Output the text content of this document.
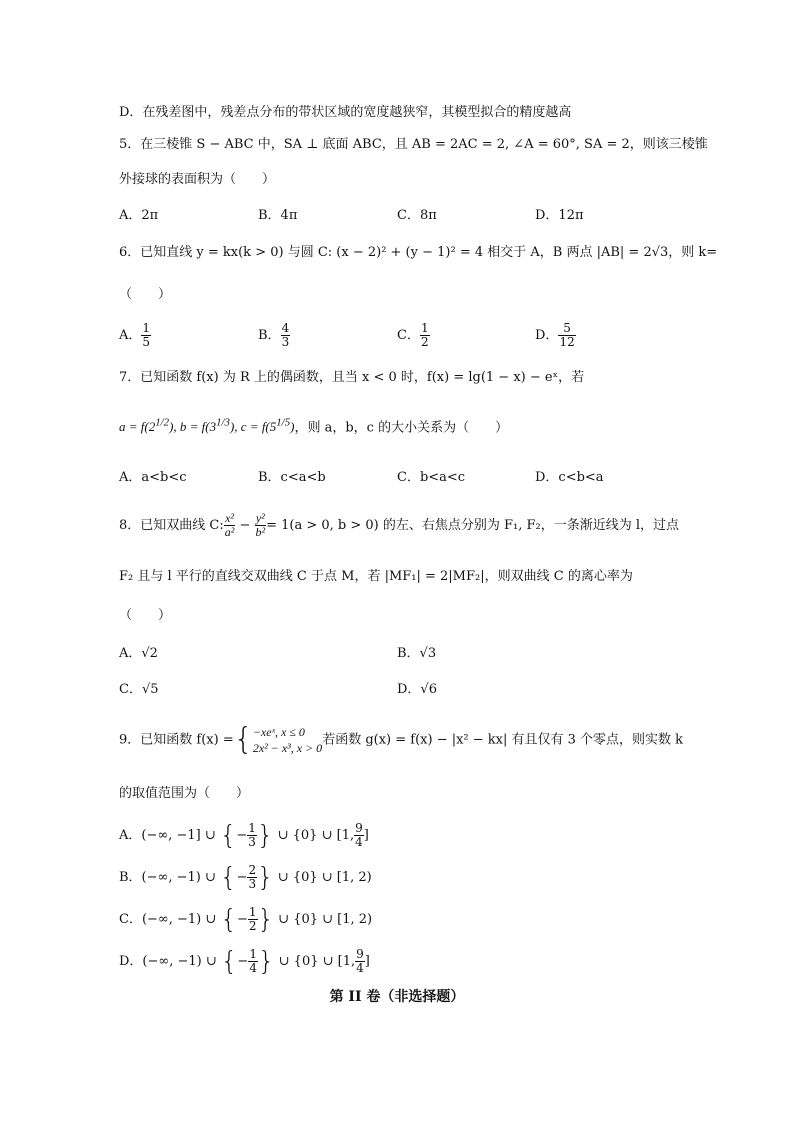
D．在残差图中，残差点分布的带状区域的宽度越狭窄，其模型拟合的精度越高
5．在三棱锥 S − ABC 中，SA ⊥ 底面 ABC，且 AB = 2AC = 2, ∠A = 60°, SA = 2，则该三棱锥
外接球的表面积为（　　）
A．2π	B．4π	C．8π	D．12π
6．已知直线 y = kx(k > 0) 与圆 C: (x − 2)² + (y − 1)² = 4 相交于 A，B 两点 |AB| = 2√3，则 k=
（　　）
A． $\frac{1}{5}$	B． $\frac{4}{3}$	C． $\frac{1}{2}$	D． $\frac{5}{12}$
7．已知函数 f(x) 为 R 上的偶函数，且当 x < 0 时，f(x) = lg(1 − x) − eˣ，若
$a = f(2^{1/2})$, $b = f(3^{1/3})$, $c = f(5^{1/5})$，则 a，b，c 的大小关系为（　　）
A．a<b<c	B．c<a<b	C．b<a<c	D．c<b<a
8．已知双曲线 C: $\frac{\text{x²}}{\text{a²}} - \frac{\text{y²}}{\text{b²}} = 1(a > 0$, b > 0) 的左、右焦点分别为 F₁, F₂，一条渐近线为 l，过点
F₂ 且与 l 平行的直线交双曲线 C 于点 M，若 |MF₁| = 2|MF₂|，则双曲线 C 的离心率为
（　　）
A．√2	B．√3
C．√5	D．√6
9．已知函数 f(x) ={ −xeˣ, x ≤ 0
2x² − x³, x > 0
若函数 g(x) = f(x) − |x² − kx| 有且仅有 3 个零点，则实数 k
的取值范围为（　　）
A．(−∞, −1] ∪ {− $\frac{1}{3}$ } ∪ {0} ∪ [1, $\frac{9}{4}$ ]
B．(−∞, −1) ∪ {− $\frac{2}{3}$ } ∪ {0} ∪ [1, 2)
C．(−∞, −1) ∪ {− $\frac{1}{2}$ } ∪ {0} ∪ [1, 2)
D．(−∞, −1) ∪ {− $\frac{1}{4}$ } ∪ {0} ∪ [1, $\frac{9}{4}$ ]
第 II 卷（非选择题）
